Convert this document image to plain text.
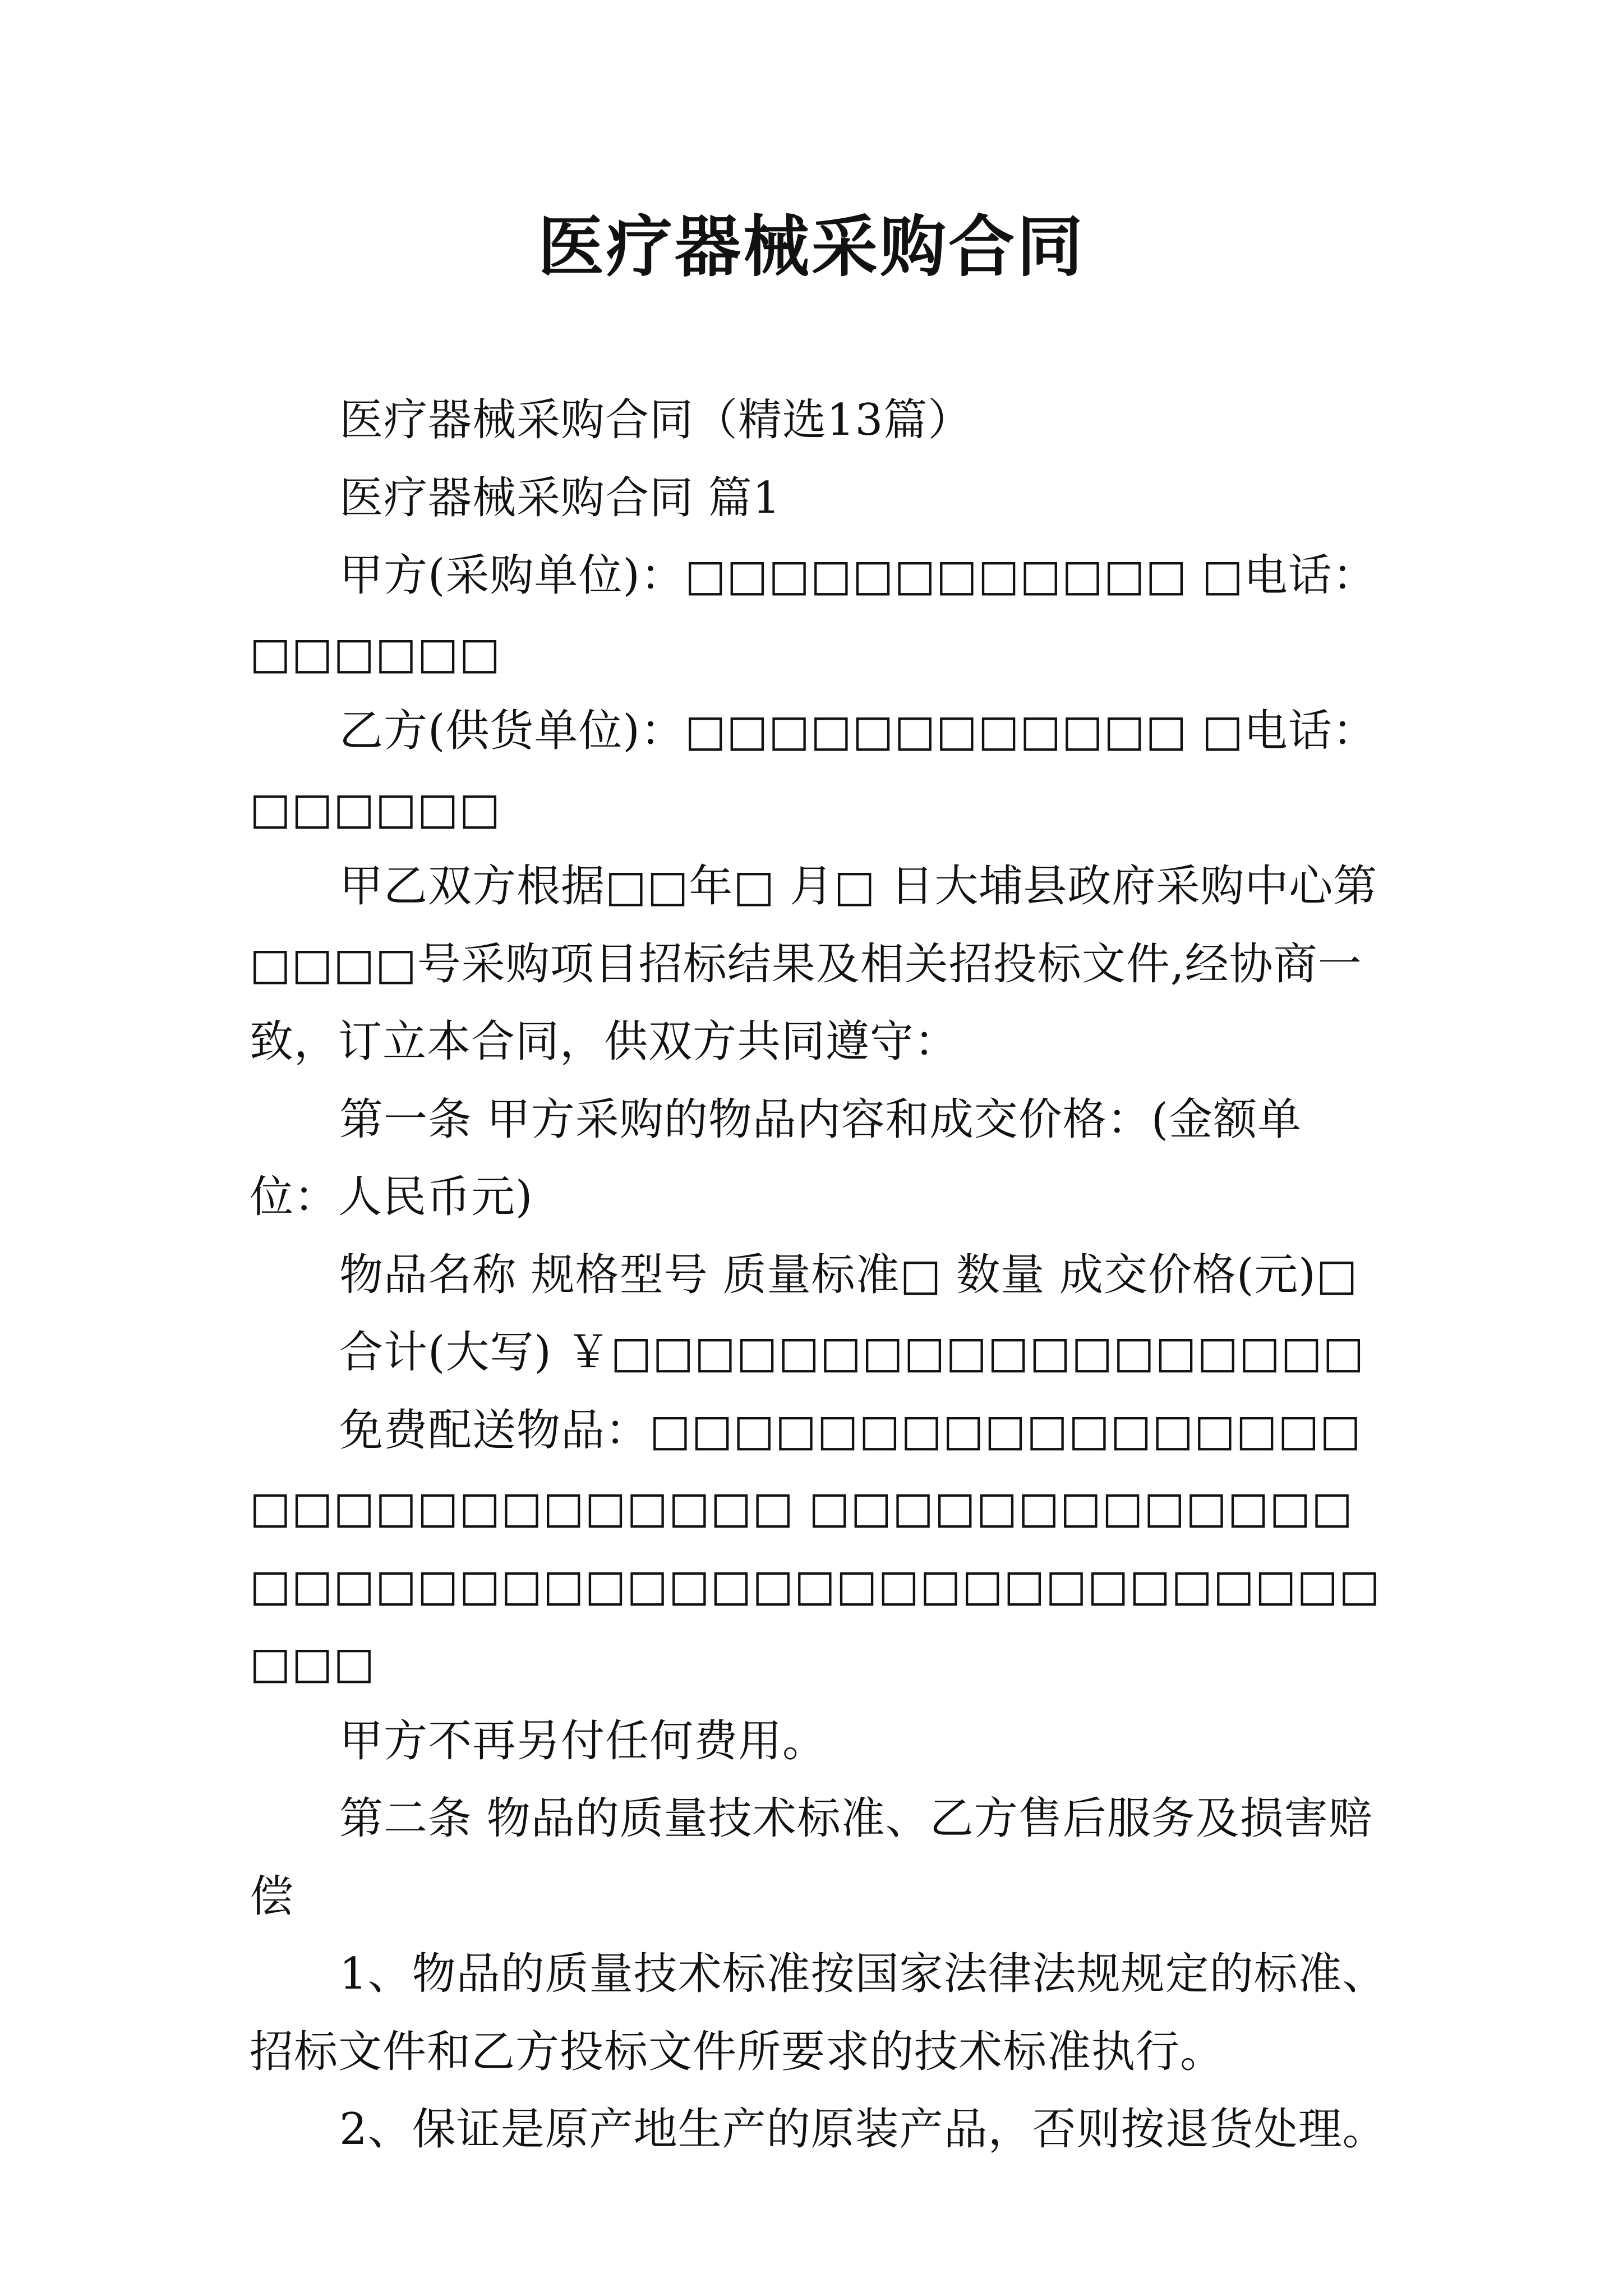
医疗器械采购合同

医疗器械采购合同（精选13篇）

医疗器械采购合同 篇1

甲方(采购单位)：□□□□□□□□□□□□ □电话：□□□□□□

乙方(供货单位)：□□□□□□□□□□□□ □电话：□□□□□□

甲乙双方根据□□年□ 月□ 日大埔县政府采购中心第□□□□号采购项目招标结果及相关招投标文件,经协商一致，订立本合同，供双方共同遵守：

第一条 甲方采购的物品内容和成交价格：(金额单位：人民币元)

物品名称 规格型号 质量标准□ 数量 成交价格(元)□

合计(大写) ￥□□□□□□□□□□□□□□□□□□

免费配送物品：□□□□□□□□□□□□□□□□□□□□□□□□□□□□□□ □□□□□□□□□□□□□□□□□□□□□□□□□□□□□□□□□□□□□□□□□□□

甲方不再另付任何费用。

第二条 物品的质量技术标准、乙方售后服务及损害赔偿

1、物品的质量技术标准按国家法律法规规定的标准、招标文件和乙方投标文件所要求的技术标准执行。

2、保证是原产地生产的原装产品，否则按退货处理。
